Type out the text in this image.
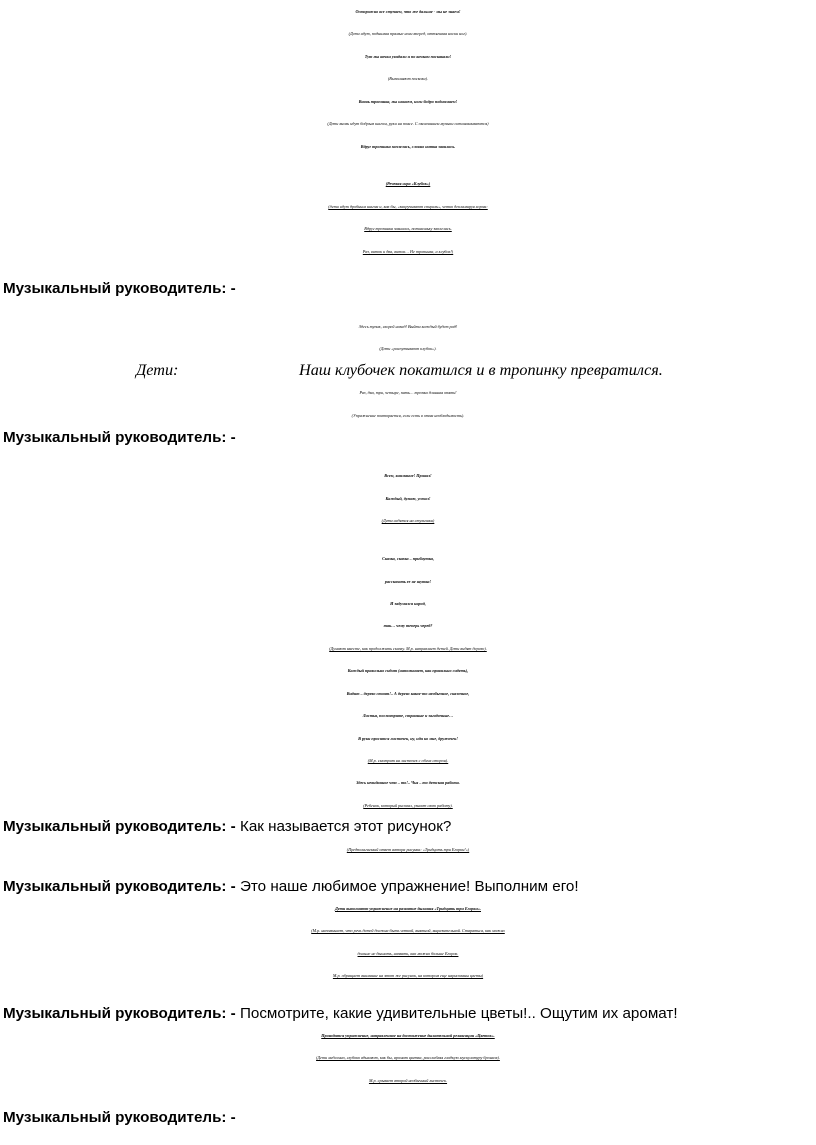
Осторожно все ступаем, что же дальше - мы не знаем!
(Дети идут, поднимая прямые ноги вперед, оттягивая носки ног).
Тут мы кочки увидали и по кочкам поскакали!
(Выполняют поскоки).
Вновь тропинка, мы шагаем, ноги бодро поднимаем!
(Дети вновь идут бодрым шагом, руки на поясе. С окончанием музыки останавливаются)
Вдруг тропинка заплелась, словно нитка завилась.
(Речевая игра «Клубок»)
(дети идут дробным шагом и, как бы, «закручивают спираль», четко декламируя хором:
Вдруг тропинка завилась, потихоньку заплелась.
Раз, виток и два, виток… Не тропинка, а клубок!)
Музыкальный руководитель: -
Здесь тупик, скорей назад! Выйти каждый будет рад!
(Дети «распутывают клубок»).
Дети:	Наш клубочек покатился и в тропинку превратился.
Раз, два, три, четыре, пять… тропка длинная опять!
(Упражнение повторяется, если есть в этом необходимость).
Музыкальный руководитель: -
Всем, внимание! Привал!
Каждый, думаю, устал!
(Дети садятся на стульчики)
Сказка, сказка – прибаутка,
рассказать ее не шутка!
И задумался народ,
так… чему теперь черед?
(Думают вместе, как продолжить сказку. М.р. направляет детей. Дети видят дерево).
Каждый правильно сидит (напоминает, как правильно сидеть),
Видит – дерево стоит!.. А дерево какое-то необычное, сказочное,
Листья, посмотрите, странные и загадочные…
В руки просится листочек, ну, иди ко мне, дружочек!
(М.р. смотрит на листочек с обеих сторон).
Здесь невиданное что – то!.. Чья – то детская работа.
(Ребенок, который рисовал, узнает свою работу).
Музыкальный руководитель: - Как называется этот рисунок?
(Предполагаемый ответ автора рисунка: «Тридцать три Егорки!»)
Музыкальный руководитель: - Это наше любимое упражнение! Выполним его!
Дети выполняют упражнение на развитие дыхания «Тридцать три Егорки».
(М.р. напоминает, что речь детей должна быть четкой, внятной, выразительной. Стараться, как можно
дольше не дышать, назвать, как можно больше Егорок.
М.р. обращает внимание на этот же рисунок, на котором еще нарисованы цветы)
Музыкальный руководитель: - Посмотрите, какие удивительные цветы!.. Ощутим их аромат!
Проводится упражнение, направленное на достижение дыхательной релаксации «Цветок».
(Дети медленно, глубоко вдыхают, как бы, аромат цветка, расслабляя гладкую мускулатуру бронхов).
М.р. срывает второй необычный листочек.
Музыкальный руководитель: -
